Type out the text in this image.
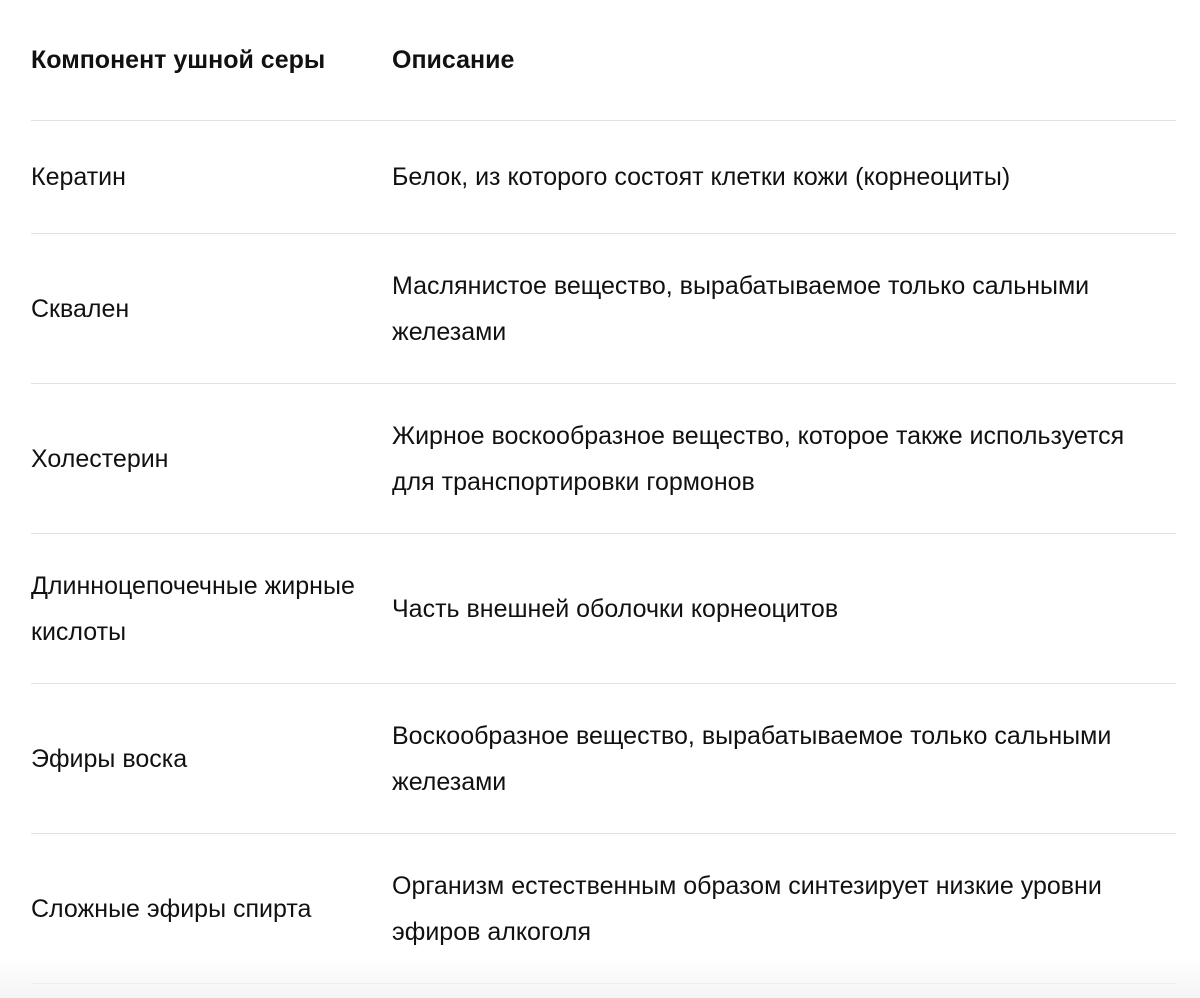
Компонент ушной серы	Описание
Кератин	Белок, из которого состоят клетки кожи (корнеоциты)
Сквален	Маслянистое вещество, вырабатываемое только сальными железами
Холестерин	Жирное воскообразное вещество, которое также используется для транспортировки гормонов
Длинноцепочечные жирные кислоты	Часть внешней оболочки корнеоцитов
Эфиры воска	Воскообразное вещество, вырабатываемое только сальными железами
Сложные эфиры спирта	Организм естественным образом синтезирует низкие уровни эфиров алкоголя
